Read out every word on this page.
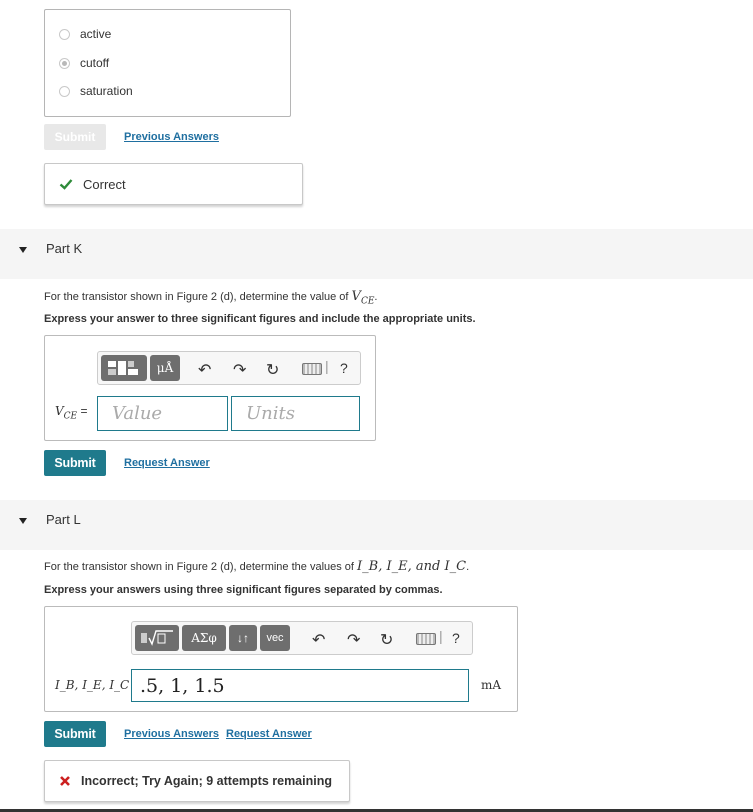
active
cutoff
saturation
Submit	Previous Answers
Correct
Part K
For the transistor shown in Figure 2 (d), determine the value of $V_{CE}$.
Express your answer to three significant figures and include the appropriate units.
μÅ	↶ ↷ ↻	| ?
$V_{CE}$ =	Value	Units
Submit	Request Answer
Part L
For the transistor shown in Figure 2 (d), determine the values of I_B, I_E, and I_C.
Express your answers using three significant figures separated by commas.
ΑΣφ	↓↑	vec	↶ ↷ ↻	| ?
I_B, I_E, I_C .5, 1, 1.5	mA
Submit	Previous Answers Request Answer
Incorrect; Try Again; 9 attempts remaining
